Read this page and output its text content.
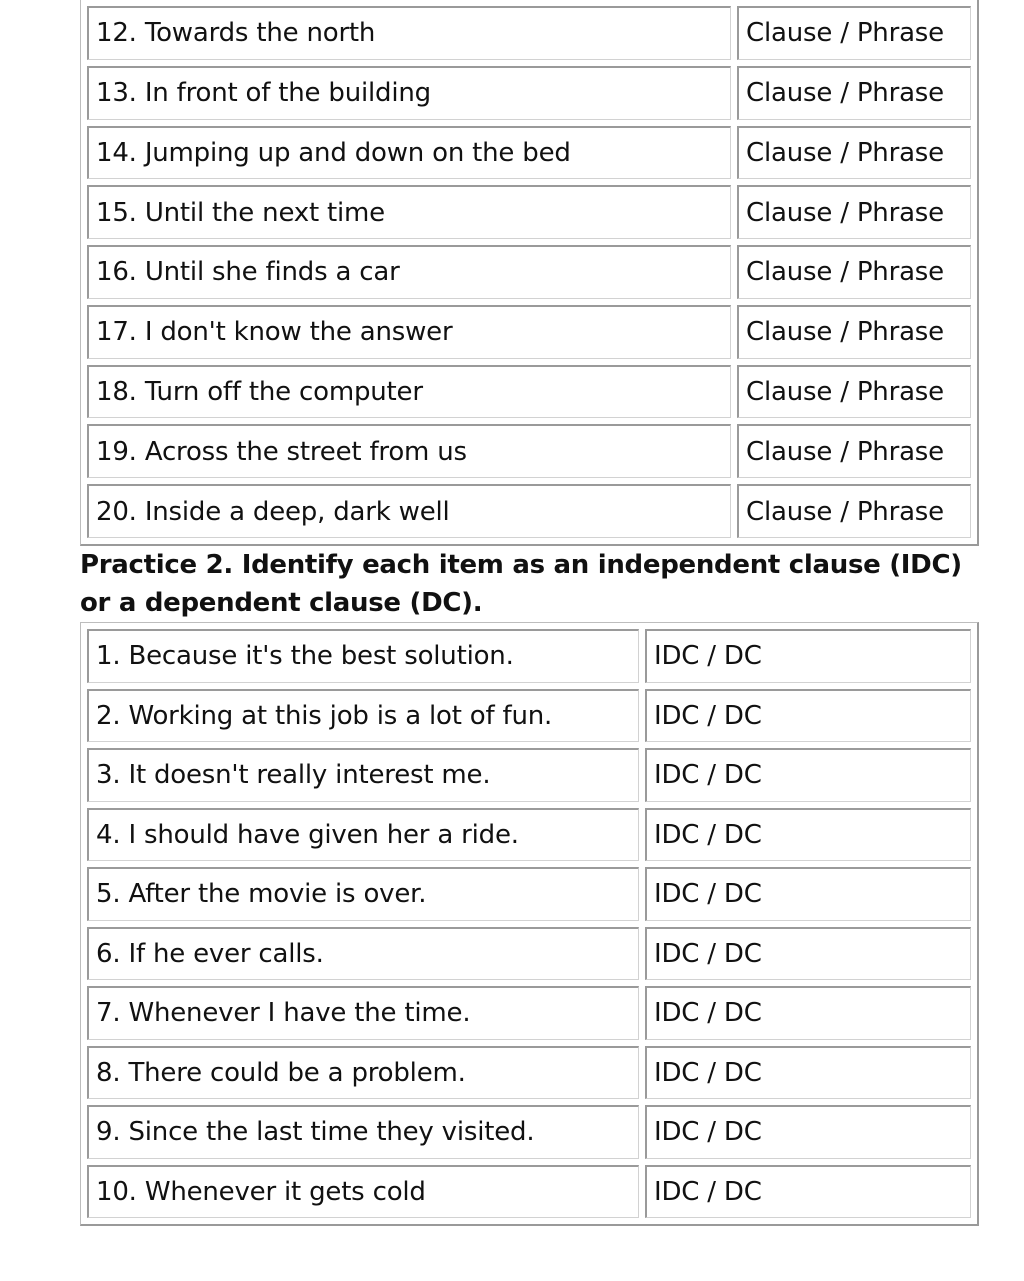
12. Towards the north	Clause / Phrase
13. In front of the building	Clause / Phrase
14. Jumping up and down on the bed	Clause / Phrase
15. Until the next time	Clause / Phrase
16. Until she finds a car	Clause / Phrase
17. I don't know the answer	Clause / Phrase
18. Turn off the computer	Clause / Phrase
19. Across the street from us	Clause / Phrase
20. Inside a deep, dark well	Clause / Phrase
Practice 2. Identify each item as an independent clause (IDC) or a dependent clause (DC).
1. Because it's the best solution.	IDC / DC
2. Working at this job is a lot of fun.	IDC / DC
3. It doesn't really interest me.	IDC / DC
4. I should have given her a ride.	IDC / DC
5. After the movie is over.	IDC / DC
6. If he ever calls.	IDC / DC
7. Whenever I have the time.	IDC / DC
8. There could be a problem.	IDC / DC
9. Since the last time they visited.	IDC / DC
10. Whenever it gets cold	IDC / DC
